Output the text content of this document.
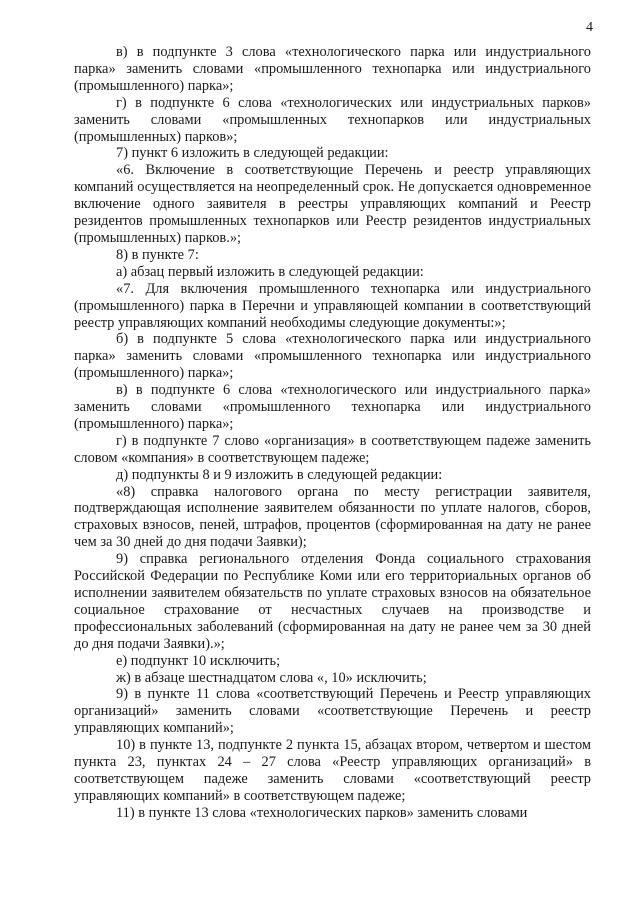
4

в) в подпункте 3 слова «технологического парка или индустриального парка» заменить словами «промышленного технопарка или индустриального (промышленного) парка»;

г) в подпункте 6 слова «технологических или индустриальных парков» заменить словами «промышленных технопарков или индустриальных (промышленных) парков»;

7) пункт 6 изложить в следующей редакции:

«6. Включение в соответствующие Перечень и реестр управляющих компаний осуществляется на неопределенный срок. Не допускается одновременное включение одного заявителя в реестры управляющих компаний и Реестр резидентов промышленных технопарков или Реестр резидентов индустриальных (промышленных) парков.»;

8) в пункте 7:

а) абзац первый изложить в следующей редакции:

«7. Для включения промышленного технопарка или индустриального (промышленного) парка в Перечни и управляющей компании в соответствующий реестр управляющих компаний необходимы следующие документы:»;

б) в подпункте 5 слова «технологического парка или индустриального парка» заменить словами «промышленного технопарка или индустриального (промышленного) парка»;

в) в подпункте 6 слова «технологического или индустриального парка» заменить словами «промышленного технопарка или индустриального (промышленного) парка»;

г) в подпункте 7 слово «организация» в соответствующем падеже заменить словом «компания» в соответствующем падеже;

д) подпункты 8 и 9 изложить в следующей редакции:

«8) справка налогового органа по месту регистрации заявителя, подтверждающая исполнение заявителем обязанности по уплате налогов, сборов, страховых взносов, пеней, штрафов, процентов (сформированная на дату не ранее чем за 30 дней до дня подачи Заявки);

9) справка регионального отделения Фонда социального страхования Российской Федерации по Республике Коми или его территориальных органов об исполнении заявителем обязательств по уплате страховых взносов на обязательное социальное страхование от несчастных случаев на производстве и профессиональных заболеваний (сформированная на дату не ранее чем за 30 дней до дня подачи Заявки).»;

е) подпункт 10 исключить;

ж) в абзаце шестнадцатом слова «, 10» исключить;

9) в пункте 11 слова «соответствующий Перечень и Реестр управляющих организаций» заменить словами «соответствующие Перечень и реестр управляющих компаний»;

10) в пункте 13, подпункте 2 пункта 15, абзацах втором, четвертом и шестом пункта 23, пунктах 24 – 27 слова «Реестр управляющих организаций» в соответствующем падеже заменить словами «соответствующий реестр управляющих компаний» в соответствующем падеже;

11) в пункте 13 слова «технологических парков» заменить словами
